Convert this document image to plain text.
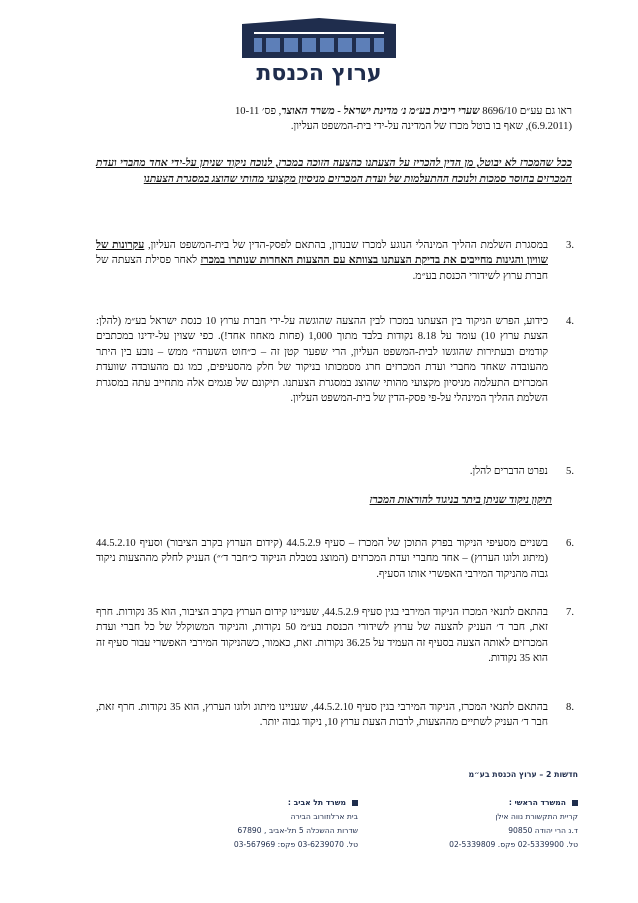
ערוץ הכנסת

ראו גם עע״ם 8696/10 שערי ריבית בע״מ נ׳ מדינת ישראל - משרד האוצר, פס׳ 10-11

(6.9.2011), שאף בו בוטל מכרז של המדינה על-ידי בית-המשפט העליון.

ככל שהמכרז לא יבוטל, מן הדין להכריז על הצעתנו כהצעה הזוכה במכרז, לנוכח ניקוד שניתן על-ידי אחד מחברי ועדת המכרזים בחוסר סמכות ולנוכח ההתעלמות של ועדת המכרזים מניסיון מקצועי מהותי שהוצג במסגרת הצעתנו
3.

במסגרת השלמת ההליך המינהלי הנוגע למכרז שבנדון, בהתאם לפסק-הדין של בית-המשפט העליון, עקרונות של שוויון והגינות מחייבים את בדיקת הצעתנו בצוותא עם ההצעות האחרות שנותרו במכרז לאחר פסילת הצעתה של חברת ערוץ לשידורי הכנסת בע״מ.

4.
כידוע, הפרש הניקוד בין הצעתנו במכרז לבין ההצעה שהוגשה על-ידי חברת ערוץ 10 כנסת ישראל בע״מ (להלן: הצעת ערוץ 10) עומד על 8.18 נקודות בלבד מתוך 1,000 (פחות מאחוז אחד!). כפי שצוין על-ידינו במכתבים קודמים ובעתירות שהוגשו לבית-המשפט העליון, הרי שפער קטן זה – כ״חוט השערה״ ממש – נובע בין היתר מהעובדה שאחד מחברי ועדת המכרזים חרג מסמכותו בניקוד של חלק מהסעיפים, כמו גם מהעובדה שוועדת המכרזים התעלמה מניסיון מקצועי מהותי שהוצג במסגרת הצעתנו. תיקונם של פגמים אלה מתחייב עתה במסגרת השלמת ההליך המינהלי על-פי פסק-הדין של בית-המשפט העליון.
5.
נפרט הדברים להלן.
תיקון ניקוד שניתן ביתר בניגוד להוראות המכרז
6.
בשניים מסעיפי הניקוד בפרק התוכן של המכרז – סעיף 44.5.2.9 (קידום הערוץ בקרב הציבור) וסעיף 44.5.2.10 (מיתוג ולוגו הערוץ) – אחד מחברי ועדת המכרזים (המוצג בטבלת הניקוד כ״חבר ד׳״) העניק לחלק מההצעות ניקוד גבוה מהניקוד המירבי האפשרי אותו הסעיף.
7.
בהתאם לתנאי המכרז הניקוד המירבי בגין סעיף 44.5.2.9, שעניינו קידום הערוץ בקרב הציבור, הוא 35 נקודות. חרף זאת, חבר ד׳ העניק להצעה של ערוץ לשידורי הכנסת בע״מ 50 נקודות, והניקוד המשוקלל של כל חברי ועדת המכרזים לאותה הצעה בסעיף זה העמיד על 36.25 נקודות. זאת, כאמור, כשהניקוד המירבי האפשרי עבור סעיף זה הוא 35 נקודות.
8.
בהתאם לתנאי המכרז, הניקוד המירבי בגין סעיף 44.5.2.10, שעניינו מיתוג ולוגו הערוץ, הוא 35 נקודות. חרף זאת, חבר ד׳ העניק לשתיים מההצעות, לרבות הצעת ערוץ 10, ניקוד גבוה יותר.
חדשות 2 – ערוץ הכנסת בע״מ
המשרד הראשי :
קריית התקשורת נווה אילן
ד.נ הרי יהודה 90850
טל. 02-5339900 פקס. 02-5339809
משרד תל אביב :
בית ארלוזורוב הבירה
שדרות ההשכלה 5 תל-אביב , 67890
טל. 03-6239070 פקס: 03-567969
